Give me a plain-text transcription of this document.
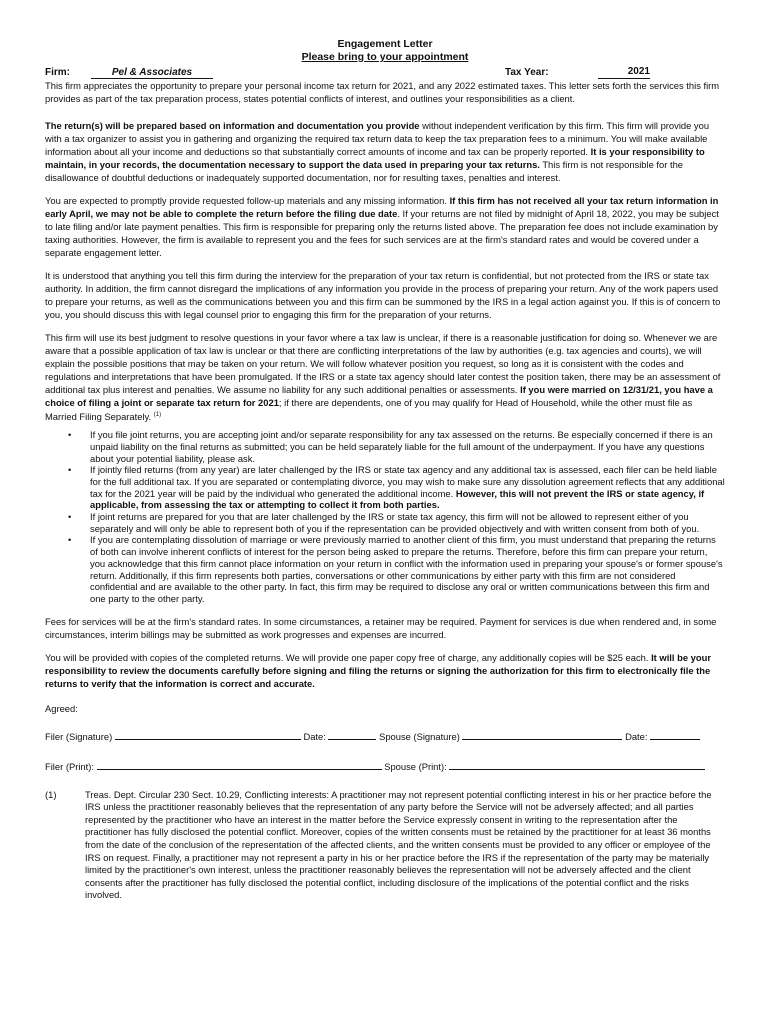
Engagement Letter
Please bring to your appointment
Firm:	Pel & Associates	Tax Year:	2021

This firm appreciates the opportunity to prepare your personal income tax return for 2021, and any 2022 estimated taxes. This letter sets forth the services this firm provides as part of the tax preparation process, states potential conflicts of interest, and outlines your responsibilities as a client.

The return(s) will be prepared based on information and documentation you provide without independent verification by this firm. This firm will provide you with a tax organizer to assist you in gathering and organizing the required tax return data to keep the tax preparation fees to a minimum. You will make available information about all your income and deductions so that substantially correct amounts of income and tax can be properly reported. It is your responsibility to maintain, in your records, the documentation necessary to support the data used in preparing your tax returns. This firm is not responsible for the disallowance of doubtful deductions or inadequately supported documentation, nor for resulting taxes, penalties and interest.

You are expected to promptly provide requested follow-up materials and any missing information. If this firm has not received all your tax return information in early April, we may not be able to complete the return before the filing due date. If your returns are not filed by midnight of April 18, 2022, you may be subject to late filing and/or late payment penalties. This firm is responsible for preparing only the returns listed above. The preparation fee does not include examination by taxing authorities. However, the firm is available to represent you and the fees for such services are at the firm's standard rates and would be covered under a separate engagement letter.

It is understood that anything you tell this firm during the interview for the preparation of your tax return is confidential, but not protected from the IRS or state tax authority. In addition, the firm cannot disregard the implications of any information you provide in the process of preparing your return. Any of the work papers used to prepare your returns, as well as the communications between you and this firm can be summoned by the IRS in a legal action against you. If this is of concern to you, you should discuss this with legal counsel prior to engaging this firm for the preparation of your returns.

This firm will use its best judgment to resolve questions in your favor where a tax law is unclear, if there is a reasonable justification for doing so. Whenever we are aware that a possible application of tax law is unclear or that there are conflicting interpretations of the law by authorities (e.g. tax agencies and courts), we will explain the possible positions that may be taken on your return. We will follow whatever position you request, so long as it is consistent with the codes and regulations and interpretations that have been promulgated. If the IRS or a state tax agency should later contest the position taken, there may be an assessment of additional tax plus interest and penalties. We assume no liability for any such additional penalties or assessments. If you were married on 12/31/21, you have a choice of filing a joint or separate tax return for 2021; if there are dependents, one of you may qualify for Head of Household, while the other must file as Married Filing Separately. $^{(1)}$

• If you file joint returns, you are accepting joint and/or separate responsibility for any tax assessed on the returns. Be especially concerned if there is an unpaid liability on the final returns as submitted; you can be held separately liable for the full amount of the underpayment. If you have any questions about your potential liability, please ask.
• If jointly filed returns (from any year) are later challenged by the IRS or state tax agency and any additional tax is assessed, each filer can be held liable for the full additional tax. If you are separated or contemplating divorce, you may wish to make sure any dissolution agreement reflects that any additional tax for the 2021 year will be paid by the individual who generated the additional income. However, this will not prevent the IRS or state agency, if applicable, from assessing the tax or attempting to collect it from both parties.
• If joint returns are prepared for you that are later challenged by the IRS or state tax agency, this firm will not be allowed to represent either of you separately and will only be able to represent both of you if the representation can be provided objectively and with written consent from both of you.
• If you are contemplating dissolution of marriage or were previously married to another client of this firm, you must understand that preparing the returns of both can involve inherent conflicts of interest for the person being asked to prepare the returns. Therefore, before this firm can prepare your return, you acknowledge that this firm cannot place information on your return in conflict with the information used in preparing your spouse's or former spouse's return. Additionally, if this firm represents both parties, conversations or other communications by either party with this firm are not considered confidential and are available to the other party. In fact, this firm may be required to disclose any oral or written communications between this firm and one party to the other party.

Fees for services will be at the firm's standard rates. In some circumstances, a retainer may be required. Payment for services is due when rendered and, in some circumstances, interim billings may be submitted as work progresses and expenses are incurred.

You will be provided with copies of the completed returns. We will provide one paper copy free of charge, any additionally copies will be $25 each. It will be your responsibility to review the documents carefully before signing and filing the returns or signing the authorization for this firm to electronically file the returns to verify that the information is correct and accurate.

Agreed:

Filer (Signature)	Date:	Spouse (Signature)	Date:
Filer (Print):	Spouse (Print):
(1)	Treas. Dept. Circular 230 Sect. 10.29, Conflicting interests: A practitioner may not represent potential conflicting interest in his or her practice before the IRS unless the practitioner reasonably believes that the representation of any party before the Service will not be adversely affected; and all parties represented by the practitioner who have an interest in the matter before the Service expressly consent in writing to the representation after the practitioner has fully disclosed the potential conflict. Moreover, copies of the written consents must be retained by the practitioner for at least 36 months from the date of the conclusion of the representation of the affected clients, and the written consents must be provided to any officer or employee of the IRS on request. Finally, a practitioner may not represent a party in his or her practice before the IRS if the representation of the party may be materially limited by the practitioner's own interest, unless the practitioner reasonably believes the representation will not be adversely affected and the client consents after the practitioner has fully disclosed the potential conflict, including disclosure of the implications of the potential conflict and the risks involved.
